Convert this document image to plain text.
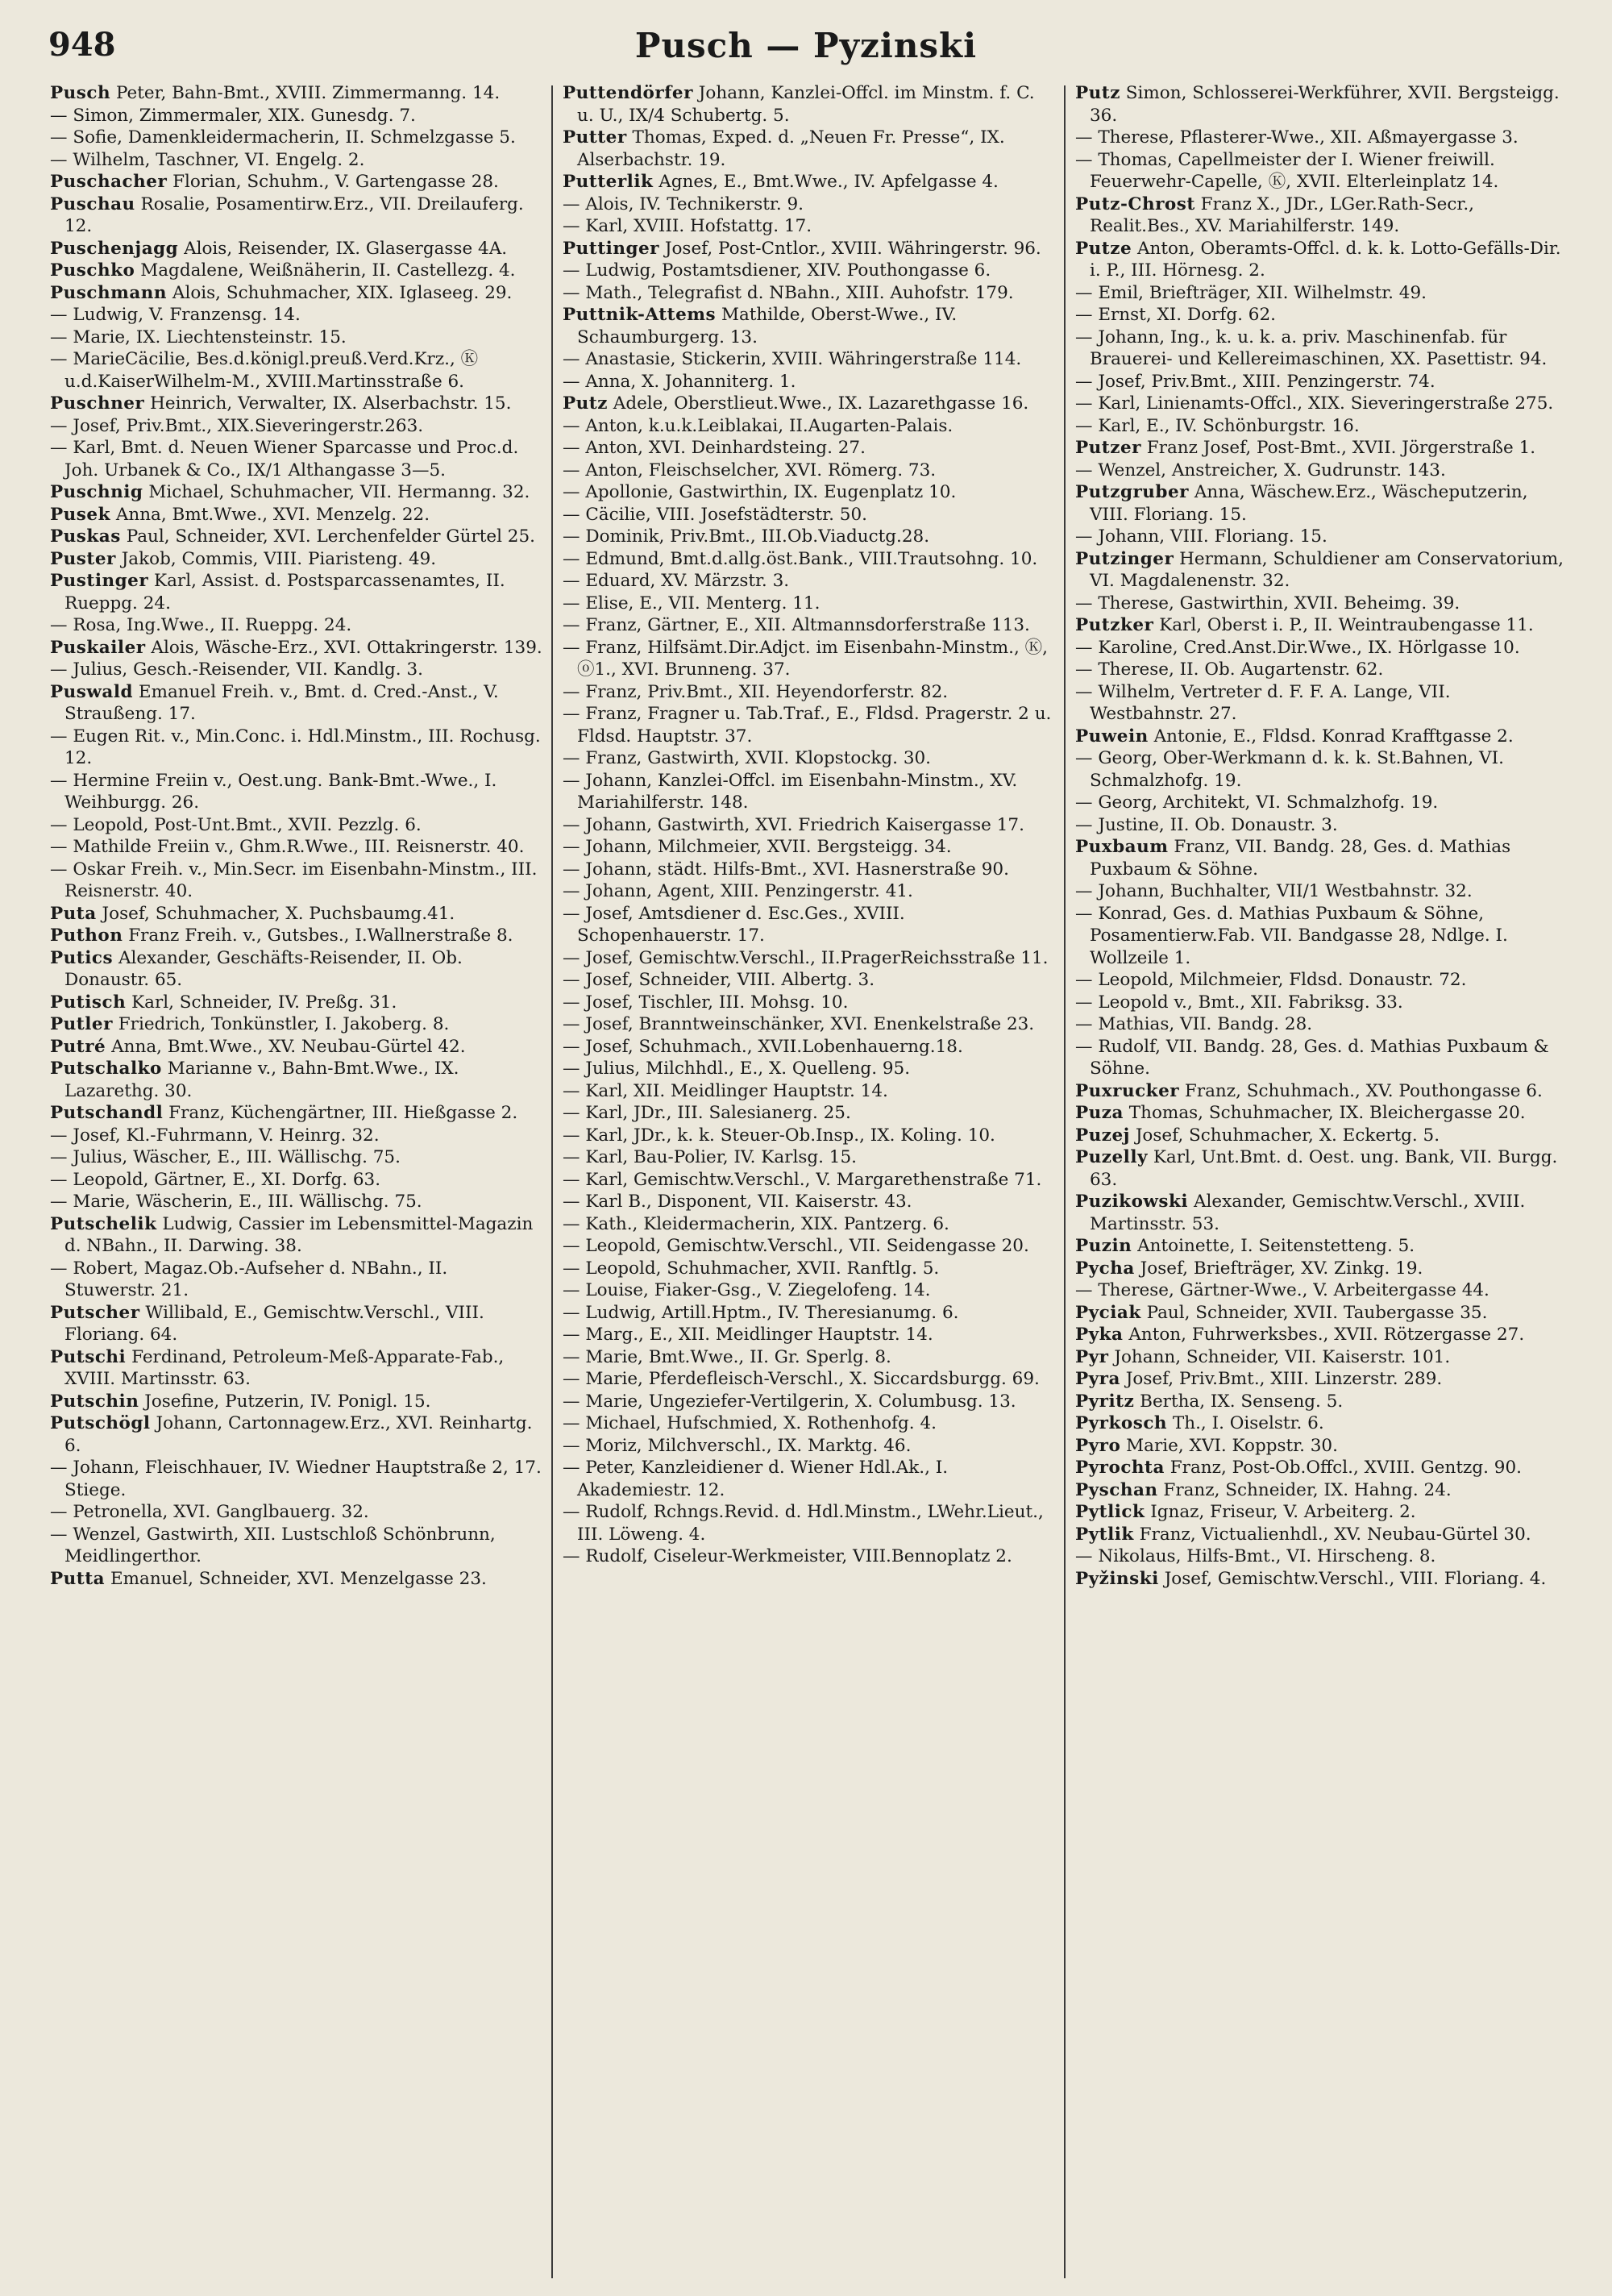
948	Pusch — Pyzinski

Pusch Peter, Bahn-Bmt., XVIII. Zimmermanng. 14.

— Simon, Zimmermaler, XIX. Gunesdg. 7.

— Sofie, Damenkleidermacherin, II. Schmelzgasse 5.

— Wilhelm, Taschner, VI. Engelg. 2.

Puschacher Florian, Schuhm., V. Gartengasse 28.

Puschau Rosalie, Posamentirw.Erz., VII. Dreilauferg. 12.

Puschenjagg Alois, Reisender, IX. Glasergasse 4A.

Puschko Magdalene, Weißnäherin, II. Castellezg. 4.

Puschmann Alois, Schuhmacher, XIX. Iglaseeg. 29.

— Ludwig, V. Franzensg. 14.

— Marie, IX. Liechtensteinstr. 15.

— MarieCäcilie, Bes.d.königl.preuß.Verd.Krz., Ⓚ u.d.KaiserWilhelm-M., XVIII.Martinsstraße 6.

Puschner Heinrich, Verwalter, IX. Alserbachstr. 15.

— Josef, Priv.Bmt., XIX.Sieveringerstr.263.

— Karl, Bmt. d. Neuen Wiener Sparcasse und Proc.d. Joh. Urbanek & Co., IX/1 Althangasse 3—5.

Puschnig Michael, Schuhmacher, VII. Hermanng. 32.

Pusek Anna, Bmt.Wwe., XVI. Menzelg. 22.

Puskas Paul, Schneider, XVI. Lerchenfelder Gürtel 25.

Puster Jakob, Commis, VIII. Piaristeng. 49.

Pustinger Karl, Assist. d. Postsparcassenamtes, II. Rueppg. 24.

— Rosa, Ing.Wwe., II. Rueppg. 24.

Puskailer Alois, Wäsche-Erz., XVI. Ottakringerstr. 139.

— Julius, Gesch.-Reisender, VII. Kandlg. 3.

Puswald Emanuel Freih. v., Bmt. d. Cred.-Anst., V. Straußeng. 17.

— Eugen Rit. v., Min.Conc. i. Hdl.Minstm., III. Rochusg. 12.

— Hermine Freiin v., Oest.ung. Bank-Bmt.-Wwe., I. Weihburgg. 26.

— Leopold, Post-Unt.Bmt., XVII. Pezzlg. 6.

— Mathilde Freiin v., Ghm.R.Wwe., III. Reisnerstr. 40.

— Oskar Freih. v., Min.Secr. im Eisenbahn-Minstm., III. Reisnerstr. 40.

Puta Josef, Schuhmacher, X. Puchsbaumg.41.

Puthon Franz Freih. v., Gutsbes., I.Wallnerstraße 8.

Putics Alexander, Geschäfts-Reisender, II. Ob. Donaustr. 65.

Putisch Karl, Schneider, IV. Preßg. 31.

Putler Friedrich, Tonkünstler, I. Jakoberg. 8.

Putré Anna, Bmt.Wwe., XV. Neubau-Gürtel 42.

Putschalko Marianne v., Bahn-Bmt.Wwe., IX. Lazarethg. 30.

Putschandl Franz, Küchengärtner, III. Hießgasse 2.

— Josef, Kl.-Fuhrmann, V. Heinrg. 32.

— Julius, Wäscher, E., III. Wällischg. 75.

— Leopold, Gärtner, E., XI. Dorfg. 63.

— Marie, Wäscherin, E., III. Wällischg. 75.

Putschelik Ludwig, Cassier im Lebensmittel-Magazin d. NBahn., II. Darwing. 38.

— Robert, Magaz.Ob.-Aufseher d. NBahn., II. Stuwerstr. 21.

Putscher Willibald, E., Gemischtw.Verschl., VIII. Floriang. 64.

Putschi Ferdinand, Petroleum-Meß-Apparate-Fab., XVIII. Martinsstr. 63.

Putschin Josefine, Putzerin, IV. Ponigl. 15.

Putschögl Johann, Cartonnagew.Erz., XVI. Reinhartg. 6.

— Johann, Fleischhauer, IV. Wiedner Hauptstraße 2, 17. Stiege.

— Petronella, XVI. Ganglbauerg. 32.

— Wenzel, Gastwirth, XII. Lustschloß Schönbrunn, Meidlingerthor.

Putta Emanuel, Schneider, XVI. Menzelgasse 23.

Puttendörfer Johann, Kanzlei-Offcl. im Minstm. f. C. u. U., IX/4 Schubertg. 5.

Putter Thomas, Exped. d. „Neuen Fr. Presse“, IX. Alserbachstr. 19.

Putterlik Agnes, E., Bmt.Wwe., IV. Apfelgasse 4.

— Alois, IV. Technikerstr. 9.

— Karl, XVIII. Hofstattg. 17.

Puttinger Josef, Post-Cntlor., XVIII. Währingerstr. 96.

— Ludwig, Postamtsdiener, XIV. Pouthongasse 6.

— Math., Telegrafist d. NBahn., XIII. Auhofstr. 179.

Puttnik-Attems Mathilde, Oberst-Wwe., IV. Schaumburgerg. 13.

— Anastasie, Stickerin, XVIII. Währingerstraße 114.

— Anna, X. Johanniterg. 1.

Putz Adele, Oberstlieut.Wwe., IX. Lazarethgasse 16.

— Anton, k.u.k.Leiblakai, II.Augarten-Palais.

— Anton, XVI. Deinhardsteing. 27.

— Anton, Fleischselcher, XVI. Römerg. 73.

— Apollonie, Gastwirthin, IX. Eugenplatz 10.

— Cäcilie, VIII. Josefstädterstr. 50.

— Dominik, Priv.Bmt., III.Ob.Viaductg.28.

— Edmund, Bmt.d.allg.öst.Bank., VIII.Trautsohng. 10.

— Eduard, XV. Märzstr. 3.

— Elise, E., VII. Menterg. 11.

— Franz, Gärtner, E., XII. Altmannsdorferstraße 113.

— Franz, Hilfsämt.Dir.Adjct. im Eisenbahn-Minstm., Ⓚ, ⓞ1., XVI. Brunneng. 37.

— Franz, Priv.Bmt., XII. Heyendorferstr. 82.

— Franz, Fragner u. Tab.Traf., E., Fldsd. Pragerstr. 2 u. Fldsd. Hauptstr. 37.

— Franz, Gastwirth, XVII. Klopstockg. 30.

— Johann, Kanzlei-Offcl. im Eisenbahn-Minstm., XV. Mariahilferstr. 148.

— Johann, Gastwirth, XVI. Friedrich Kaisergasse 17.

— Johann, Milchmeier, XVII. Bergsteigg. 34.

— Johann, städt. Hilfs-Bmt., XVI. Hasnerstraße 90.

— Johann, Agent, XIII. Penzingerstr. 41.

— Josef, Amtsdiener d. Esc.Ges., XVIII. Schopenhauerstr. 17.

— Josef, Gemischtw.Verschl., II.PragerReichsstraße 11.

— Josef, Schneider, VIII. Albertg. 3.

— Josef, Tischler, III. Mohsg. 10.

— Josef, Branntweinschänker, XVI. Enenkelstraße 23.

— Josef, Schuhmach., XVII.Lobenhauerng.18.

— Julius, Milchhdl., E., X. Quelleng. 95.

— Karl, XII. Meidlinger Hauptstr. 14.

— Karl, JDr., III. Salesianerg. 25.

— Karl, JDr., k. k. Steuer-Ob.Insp., IX. Koling. 10.

— Karl, Bau-Polier, IV. Karlsg. 15.

— Karl, Gemischtw.Verschl., V. Margarethenstraße 71.

— Karl B., Disponent, VII. Kaiserstr. 43.

— Kath., Kleidermacherin, XIX. Pantzerg. 6.

— Leopold, Gemischtw.Verschl., VII. Seidengasse 20.

— Leopold, Schuhmacher, XVII. Ranftlg. 5.

— Louise, Fiaker-Gsg., V. Ziegelofeng. 14.

— Ludwig, Artill.Hptm., IV. Theresianumg. 6.

— Marg., E., XII. Meidlinger Hauptstr. 14.

— Marie, Bmt.Wwe., II. Gr. Sperlg. 8.

— Marie, Pferdefleisch-Verschl., X. Siccardsburgg. 69.

— Marie, Ungeziefer-Vertilgerin, X. Columbusg. 13.

— Michael, Hufschmied, X. Rothenhofg. 4.

— Moriz, Milchverschl., IX. Marktg. 46.

— Peter, Kanzleidiener d. Wiener Hdl.Ak., I. Akademiestr. 12.

— Rudolf, Rchngs.Revid. d. Hdl.Minstm., LWehr.Lieut., III. Löweng. 4.

— Rudolf, Ciseleur-Werkmeister, VIII.Bennoplatz 2.

Putz Simon, Schlosserei-Werkführer, XVII. Bergsteigg. 36.

— Therese, Pflasterer-Wwe., XII. Aßmayergasse 3.

— Thomas, Capellmeister der I. Wiener freiwill. Feuerwehr-Capelle, Ⓚ, XVII. Elterleinplatz 14.

Putz-Chrost Franz X., JDr., LGer.Rath-Secr., Realit.Bes., XV. Mariahilferstr. 149.

Putze Anton, Oberamts-Offcl. d. k. k. Lotto-Gefälls-Dir. i. P., III. Hörnesg. 2.

— Emil, Briefträger, XII. Wilhelmstr. 49.

— Ernst, XI. Dorfg. 62.

— Johann, Ing., k. u. k. a. priv. Maschinenfab. für Brauerei- und Kellereimaschinen, XX. Pasettistr. 94.

— Josef, Priv.Bmt., XIII. Penzingerstr. 74.

— Karl, Linienamts-Offcl., XIX. Sieveringerstraße 275.

— Karl, E., IV. Schönburgstr. 16.

Putzer Franz Josef, Post-Bmt., XVII. Jörgerstraße 1.

— Wenzel, Anstreicher, X. Gudrunstr. 143.

Putzgruber Anna, Wäschew.Erz., Wäscheputzerin, VIII. Floriang. 15.

— Johann, VIII. Floriang. 15.

Putzinger Hermann, Schuldiener am Conservatorium, VI. Magdalenenstr. 32.

— Therese, Gastwirthin, XVII. Beheimg. 39.

Putzker Karl, Oberst i. P., II. Weintraubengasse 11.

— Karoline, Cred.Anst.Dir.Wwe., IX. Hörlgasse 10.

— Therese, II. Ob. Augartenstr. 62.

— Wilhelm, Vertreter d. F. F. A. Lange, VII. Westbahnstr. 27.

Puwein Antonie, E., Fldsd. Konrad Krafftgasse 2.

— Georg, Ober-Werkmann d. k. k. St.Bahnen, VI. Schmalzhofg. 19.

— Georg, Architekt, VI. Schmalzhofg. 19.

— Justine, II. Ob. Donaustr. 3.

Puxbaum Franz, VII. Bandg. 28, Ges. d. Mathias Puxbaum & Söhne.

— Johann, Buchhalter, VII/1 Westbahnstr. 32.

— Konrad, Ges. d. Mathias Puxbaum & Söhne, Posamentierw.Fab. VII. Bandgasse 28, Ndlge. I. Wollzeile 1.

— Leopold, Milchmeier, Fldsd. Donaustr. 72.

— Leopold v., Bmt., XII. Fabriksg. 33.

— Mathias, VII. Bandg. 28.

— Rudolf, VII. Bandg. 28, Ges. d. Mathias Puxbaum & Söhne.

Puxrucker Franz, Schuhmach., XV. Pouthongasse 6.

Puza Thomas, Schuhmacher, IX. Bleichergasse 20.

Puzej Josef, Schuhmacher, X. Eckertg. 5.

Puzelly Karl, Unt.Bmt. d. Oest. ung. Bank, VII. Burgg. 63.

Puzikowski Alexander, Gemischtw.Verschl., XVIII. Martinsstr. 53.

Puzin Antoinette, I. Seitenstetteng. 5.

Pycha Josef, Briefträger, XV. Zinkg. 19.

— Therese, Gärtner-Wwe., V. Arbeitergasse 44.

Pyciak Paul, Schneider, XVII. Taubergasse 35.

Pyka Anton, Fuhrwerksbes., XVII. Rötzergasse 27.

Pyr Johann, Schneider, VII. Kaiserstr. 101.

Pyra Josef, Priv.Bmt., XIII. Linzerstr. 289.

Pyritz Bertha, IX. Senseng. 5.

Pyrkosch Th., I. Oiselstr. 6.

Pyro Marie, XVI. Koppstr. 30.

Pyrochta Franz, Post-Ob.Offcl., XVIII. Gentzg. 90.

Pyschan Franz, Schneider, IX. Hahng. 24.

Pytlick Ignaz, Friseur, V. Arbeiterg. 2.

Pytlik Franz, Victualienhdl., XV. Neubau-Gürtel 30.

— Nikolaus, Hilfs-Bmt., VI. Hirscheng. 8.

Pyžinski Josef, Gemischtw.Verschl., VIII. Floriang. 4.
